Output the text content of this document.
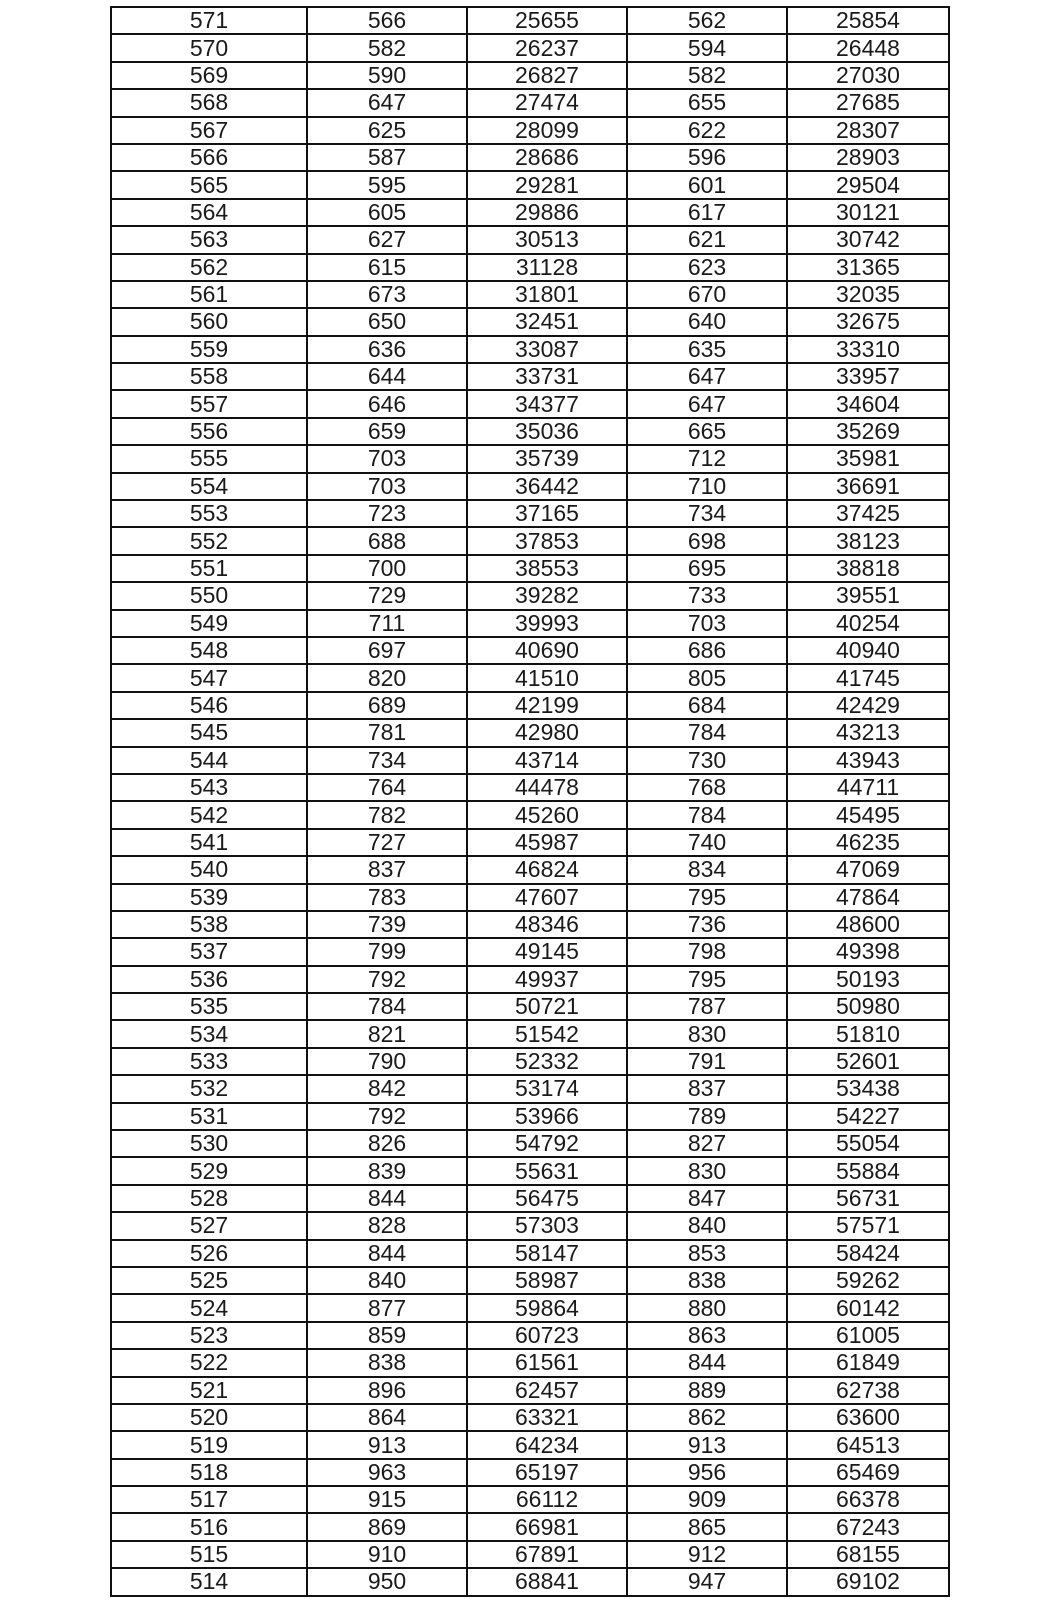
571	566	25655	562	25854
570	582	26237	594	26448
569	590	26827	582	27030
568	647	27474	655	27685
567	625	28099	622	28307
566	587	28686	596	28903
565	595	29281	601	29504
564	605	29886	617	30121
563	627	30513	621	30742
562	615	31128	623	31365
561	673	31801	670	32035
560	650	32451	640	32675
559	636	33087	635	33310
558	644	33731	647	33957
557	646	34377	647	34604
556	659	35036	665	35269
555	703	35739	712	35981
554	703	36442	710	36691
553	723	37165	734	37425
552	688	37853	698	38123
551	700	38553	695	38818
550	729	39282	733	39551
549	711	39993	703	40254
548	697	40690	686	40940
547	820	41510	805	41745
546	689	42199	684	42429
545	781	42980	784	43213
544	734	43714	730	43943
543	764	44478	768	44711
542	782	45260	784	45495
541	727	45987	740	46235
540	837	46824	834	47069
539	783	47607	795	47864
538	739	48346	736	48600
537	799	49145	798	49398
536	792	49937	795	50193
535	784	50721	787	50980
534	821	51542	830	51810
533	790	52332	791	52601
532	842	53174	837	53438
531	792	53966	789	54227
530	826	54792	827	55054
529	839	55631	830	55884
528	844	56475	847	56731
527	828	57303	840	57571
526	844	58147	853	58424
525	840	58987	838	59262
524	877	59864	880	60142
523	859	60723	863	61005
522	838	61561	844	61849
521	896	62457	889	62738
520	864	63321	862	63600
519	913	64234	913	64513
518	963	65197	956	65469
517	915	66112	909	66378
516	869	66981	865	67243
515	910	67891	912	68155
514	950	68841	947	69102
